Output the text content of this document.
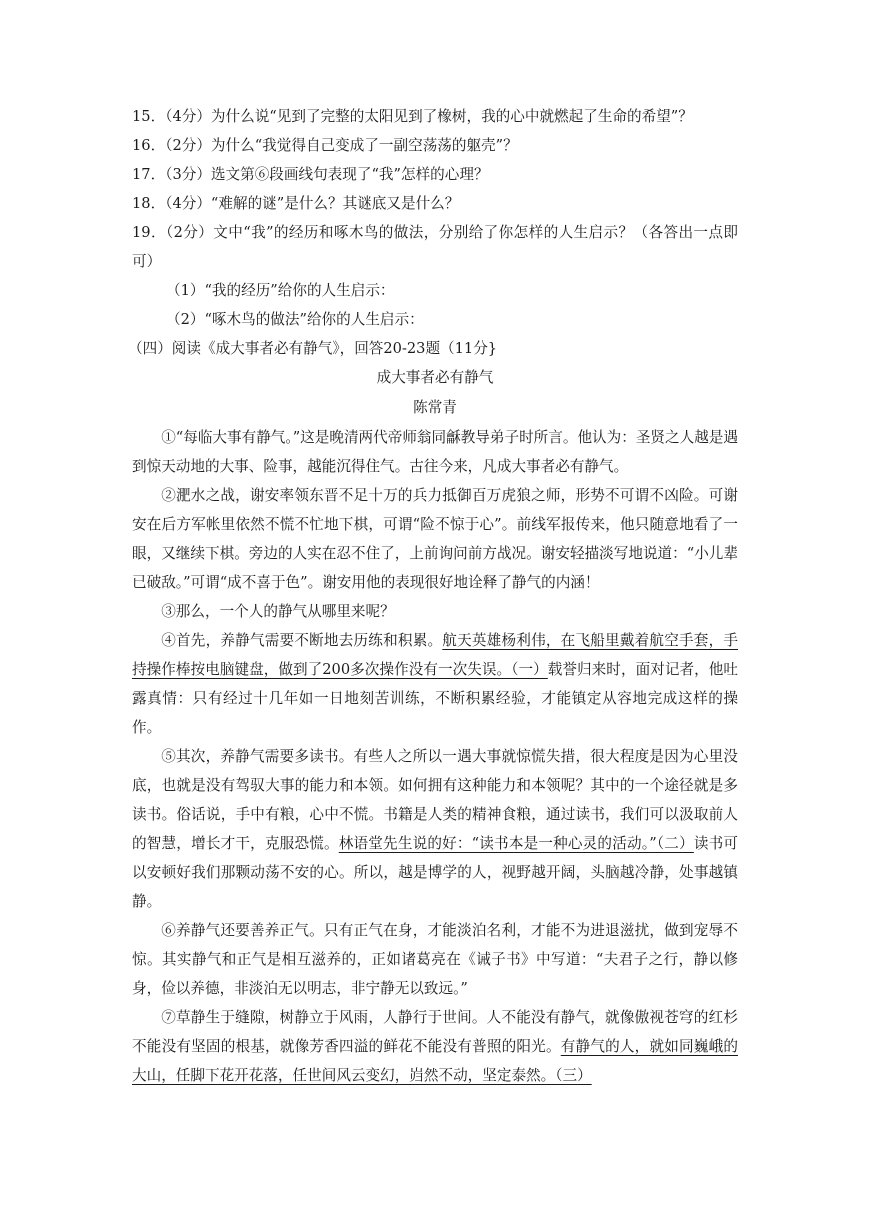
15．（4分）为什么说“见到了完整的太阳见到了橡树，我的心中就燃起了生命的希望”？
16．（2分）为什么“我觉得自己变成了一副空荡荡的躯壳”？
17．（3分）选文第⑥段画线句表现了“我”怎样的心理？
18．（4分）“难解的谜”是什么？其谜底又是什么？
19．（2分）文中“我”的经历和啄木鸟的做法，分别给了你怎样的人生启示？（各答出一点即可）
（1）“我的经历”给你的人生启示：
（2）“啄木鸟的做法”给你的人生启示：
（四）阅读《成大事者必有静气》，回答20-23题（11分}
成大事者必有静气
陈常青
①“每临大事有静气。”这是晚清两代帝师翁同龢教导弟子时所言。他认为：圣贤之人越是遇到惊天动地的大事、险事，越能沉得住气。古往今来，凡成大事者必有静气。
②淝水之战，谢安率领东晋不足十万的兵力抵御百万虎狼之师，形势不可谓不凶险。可谢安在后方军帐里依然不慌不忙地下棋，可谓“险不惊于心”。前线军报传来，他只随意地看了一眼，又继续下棋。旁边的人实在忍不住了，上前询问前方战况。谢安轻描淡写地说道：“小儿辈已破敌。”可谓“成不喜于色”。谢安用他的表现很好地诠释了静气的内涵！
③那么，一个人的静气从哪里来呢？
④首先，养静气需要不断地去历练和积累。航天英雄杨利伟，在飞船里戴着航空手套，手持操作棒按电脑键盘，做到了200多次操作没有一次失误。（一）载誉归来时，面对记者，他吐露真情：只有经过十几年如一日地刻苦训练，不断积累经验，才能镇定从容地完成这样的操作。
⑤其次，养静气需要多读书。有些人之所以一遇大事就惊慌失措，很大程度是因为心里没底，也就是没有驾驭大事的能力和本领。如何拥有这种能力和本领呢？其中的一个途径就是多读书。俗话说，手中有粮，心中不慌。书籍是人类的精神食粮，通过读书，我们可以汲取前人的智慧，增长才干，克服恐慌。林语堂先生说的好：“读书本是一种心灵的活动。”（二）读书可以安顿好我们那颗动荡不安的心。所以，越是博学的人，视野越开阔，头脑越冷静，处事越镇静。
⑥养静气还要善养正气。只有正气在身，才能淡泊名利，才能不为进退滋扰，做到宠辱不惊。其实静气和正气是相互滋养的，正如诸葛亮在《诫子书》中写道：“夫君子之行，静以修身，俭以养德，非淡泊无以明志，非宁静无以致远。”
⑦草静生于缝隙，树静立于风雨，人静行于世间。人不能没有静气，就像傲视苍穹的红杉不能没有坚固的根基，就像芳香四溢的鲜花不能没有普照的阳光。有静气的人，就如同巍峨的大山，任脚下花开花落，任世间风云变幻，岿然不动，坚定泰然。（三）
